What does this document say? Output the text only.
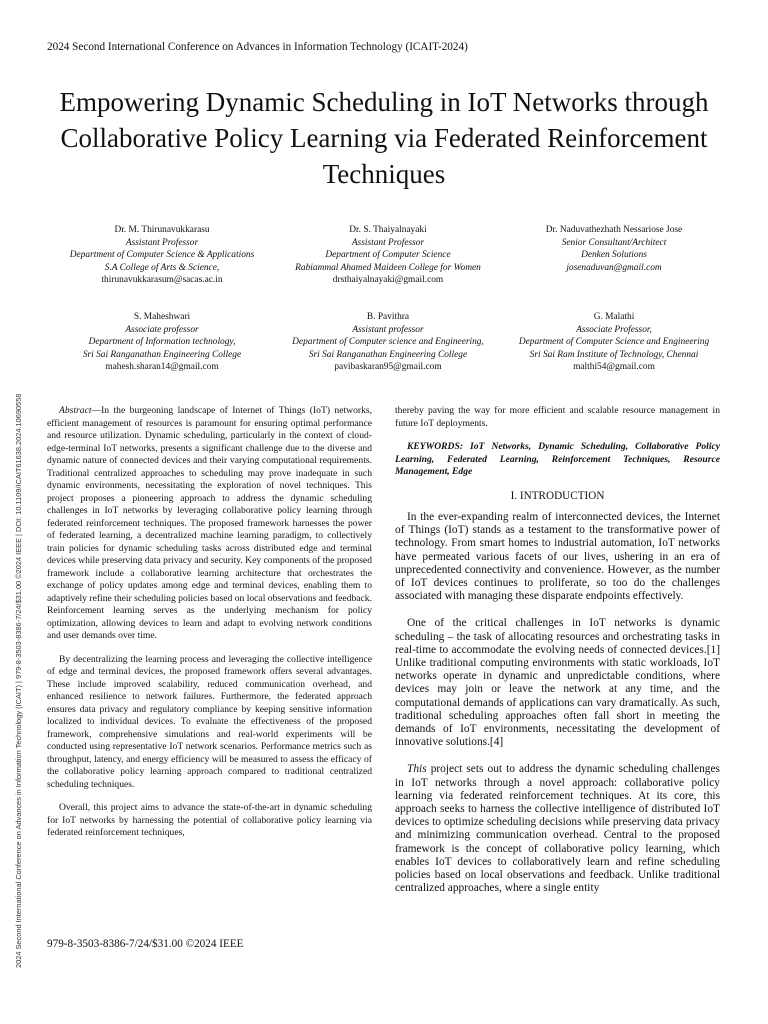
2024 Second International Conference on Advances in Information Technology (ICAIT-2024)
2024 Second International Conference on Advances in Information Technology (ICAIT) | 979-8-3503-8386-7/24/$31.00 ©2024 IEEE | DOI: 10.1109/ICAIT61638.2024.10690558
Empowering Dynamic Scheduling in IoT Networks through Collaborative Policy Learning via Federated Reinforcement Techniques
Dr. M. Thirunavukkarasu
Assistant Professor
Department of Computer Science & Applications
S.A College of Arts & Science,
thirunavukkarasum@sacas.ac.in
Dr. S. Thaiyalnayaki
Assistant Professor
Department of Computer Science
Rabiammal Ahamed Maideen College for Women
drsthaiyalnayaki@gmail.com
Dr. Naduvathezhath Nessariose Jose
Senior Consultant/Architect
Denken Solutions
josenaduvan@gmail.com
S. Maheshwari
Associate professor
Department of Information technology,
Sri Sai Ranganathan Engineering College
mahesh.sharan14@gmail.com
B. Pavithra
Assistant professor
Department of Computer science and Engineering,
Sri Sai Ranganathan Engineering College
pavibaskaran95@gmail.com
G. Malathi
Associate Professor,
Department of Computer Science and Engineering
Sri Sai Ram Institute of Technology, Chennai
malthi54@gmail.com

Abstract—In the burgeoning landscape of Internet of Things (IoT) networks, efficient management of resources is paramount for ensuring optimal performance and resource utilization. Dynamic scheduling, particularly in the context of cloud-edge-terminal IoT networks, presents a significant challenge due to the diverse and dynamic nature of connected devices and their varying computational requirements. Traditional centralized approaches to scheduling may prove inadequate in such dynamic environments, necessitating the exploration of novel techniques. This project proposes a pioneering approach to address the dynamic scheduling challenges in IoT networks by leveraging collaborative policy learning through federated reinforcement techniques. The proposed framework harnesses the power of federated learning, a decentralized machine learning paradigm, to collectively train policies for dynamic scheduling tasks across distributed edge and terminal devices while preserving data privacy and security. Key components of the proposed framework include a collaborative learning architecture that orchestrates the exchange of policy updates among edge and terminal devices, enabling them to adaptively refine their scheduling policies based on local observations and feedback. Reinforcement learning serves as the underlying mechanism for policy optimization, allowing devices to learn and adapt to evolving network conditions and user demands over time.

By decentralizing the learning process and leveraging the collective intelligence of edge and terminal devices, the proposed framework offers several advantages. These include improved scalability, reduced communication overhead, and enhanced resilience to network failures. Furthermore, the federated approach ensures data privacy and regulatory compliance by keeping sensitive information localized to individual devices. To evaluate the effectiveness of the proposed framework, comprehensive simulations and real-world experiments will be conducted using representative IoT network scenarios. Performance metrics such as throughput, latency, and energy efficiency will be measured to assess the efficacy of the collaborative policy learning approach compared to traditional centralized scheduling techniques.

Overall, this project aims to advance the state-of-the-art in dynamic scheduling for IoT networks by harnessing the potential of collaborative policy learning via federated reinforcement techniques,

thereby paving the way for more efficient and scalable resource management in future IoT deployments.

KEYWORDS: IoT Networks, Dynamic Scheduling, Collaborative Policy Learning, Federated Learning, Reinforcement Techniques, Resource Management, Edge

I. INTRODUCTION

In the ever-expanding realm of interconnected devices, the Internet of Things (IoT) stands as a testament to the transformative power of technology. From smart homes to industrial automation, IoT networks have permeated various facets of our lives, ushering in an era of unprecedented connectivity and convenience. However, as the number of IoT devices continues to proliferate, so too do the challenges associated with managing these disparate endpoints effectively.

One of the critical challenges in IoT networks is dynamic scheduling – the task of allocating resources and orchestrating tasks in real-time to accommodate the evolving needs of connected devices.[1] Unlike traditional computing environments with static workloads, IoT networks operate in dynamic and unpredictable conditions, where devices may join or leave the network at any time, and the computational demands of applications can vary dramatically. As such, traditional scheduling approaches often fall short in meeting the demands of IoT environments, necessitating the development of innovative solutions.[4]

This project sets out to address the dynamic scheduling challenges in IoT networks through a novel approach: collaborative policy learning via federated reinforcement techniques. At its core, this approach seeks to harness the collective intelligence of distributed IoT devices to optimize scheduling decisions while preserving data privacy and minimizing communication overhead. Central to the proposed framework is the concept of collaborative policy learning, which enables IoT devices to collaboratively learn and refine scheduling policies based on local observations and feedback. Unlike traditional centralized approaches, where a single entity

979-8-3503-8386-7/24/$31.00 ©2024 IEEE
